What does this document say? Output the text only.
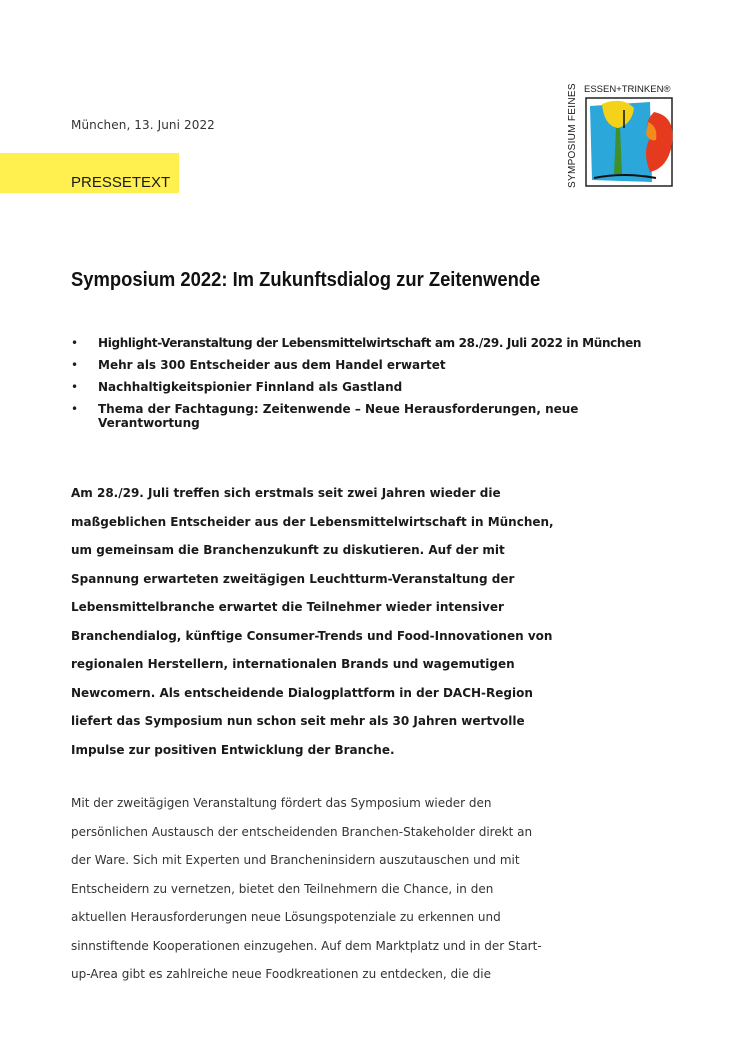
München, 13. Juni 2022
PRESSETEXT	SYMPOSIUM FEINES ESSEN+TRINKEN®
Symposium 2022: Im Zukunftsdialog zur Zeitenwende
• Highlight-Veranstaltung der Lebensmittelwirtschaft am 28./29. Juli 2022 in München
• Mehr als 300 Entscheider aus dem Handel erwartet
• Nachhaltigkeitspionier Finnland als Gastland
• Thema der Fachtagung: Zeitenwende – Neue Herausforderungen, neue Verantwortung
Am 28./29. Juli treffen sich erstmals seit zwei Jahren wieder die
maßgeblichen Entscheider aus der Lebensmittelwirtschaft in München,
um gemeinsam die Branchenzukunft zu diskutieren. Auf der mit
Spannung erwarteten zweitägigen Leuchtturm-Veranstaltung der
Lebensmittelbranche erwartet die Teilnehmer wieder intensiver
Branchendialog, künftige Consumer-Trends und Food-Innovationen von
regionalen Herstellern, internationalen Brands und wagemutigen
Newcomern. Als entscheidende Dialogplattform in der DACH-Region
liefert das Symposium nun schon seit mehr als 30 Jahren wertvolle
Impulse zur positiven Entwicklung der Branche.
Mit der zweitägigen Veranstaltung fördert das Symposium wieder den
persönlichen Austausch der entscheidenden Branchen-Stakeholder direkt an
der Ware. Sich mit Experten und Brancheninsidern auszutauschen und mit
Entscheidern zu vernetzen, bietet den Teilnehmern die Chance, in den
aktuellen Herausforderungen neue Lösungspotenziale zu erkennen und
sinnstiftende Kooperationen einzugehen. Auf dem Marktplatz und in der Start-
up-Area gibt es zahlreiche neue Foodkreationen zu entdecken, die die
